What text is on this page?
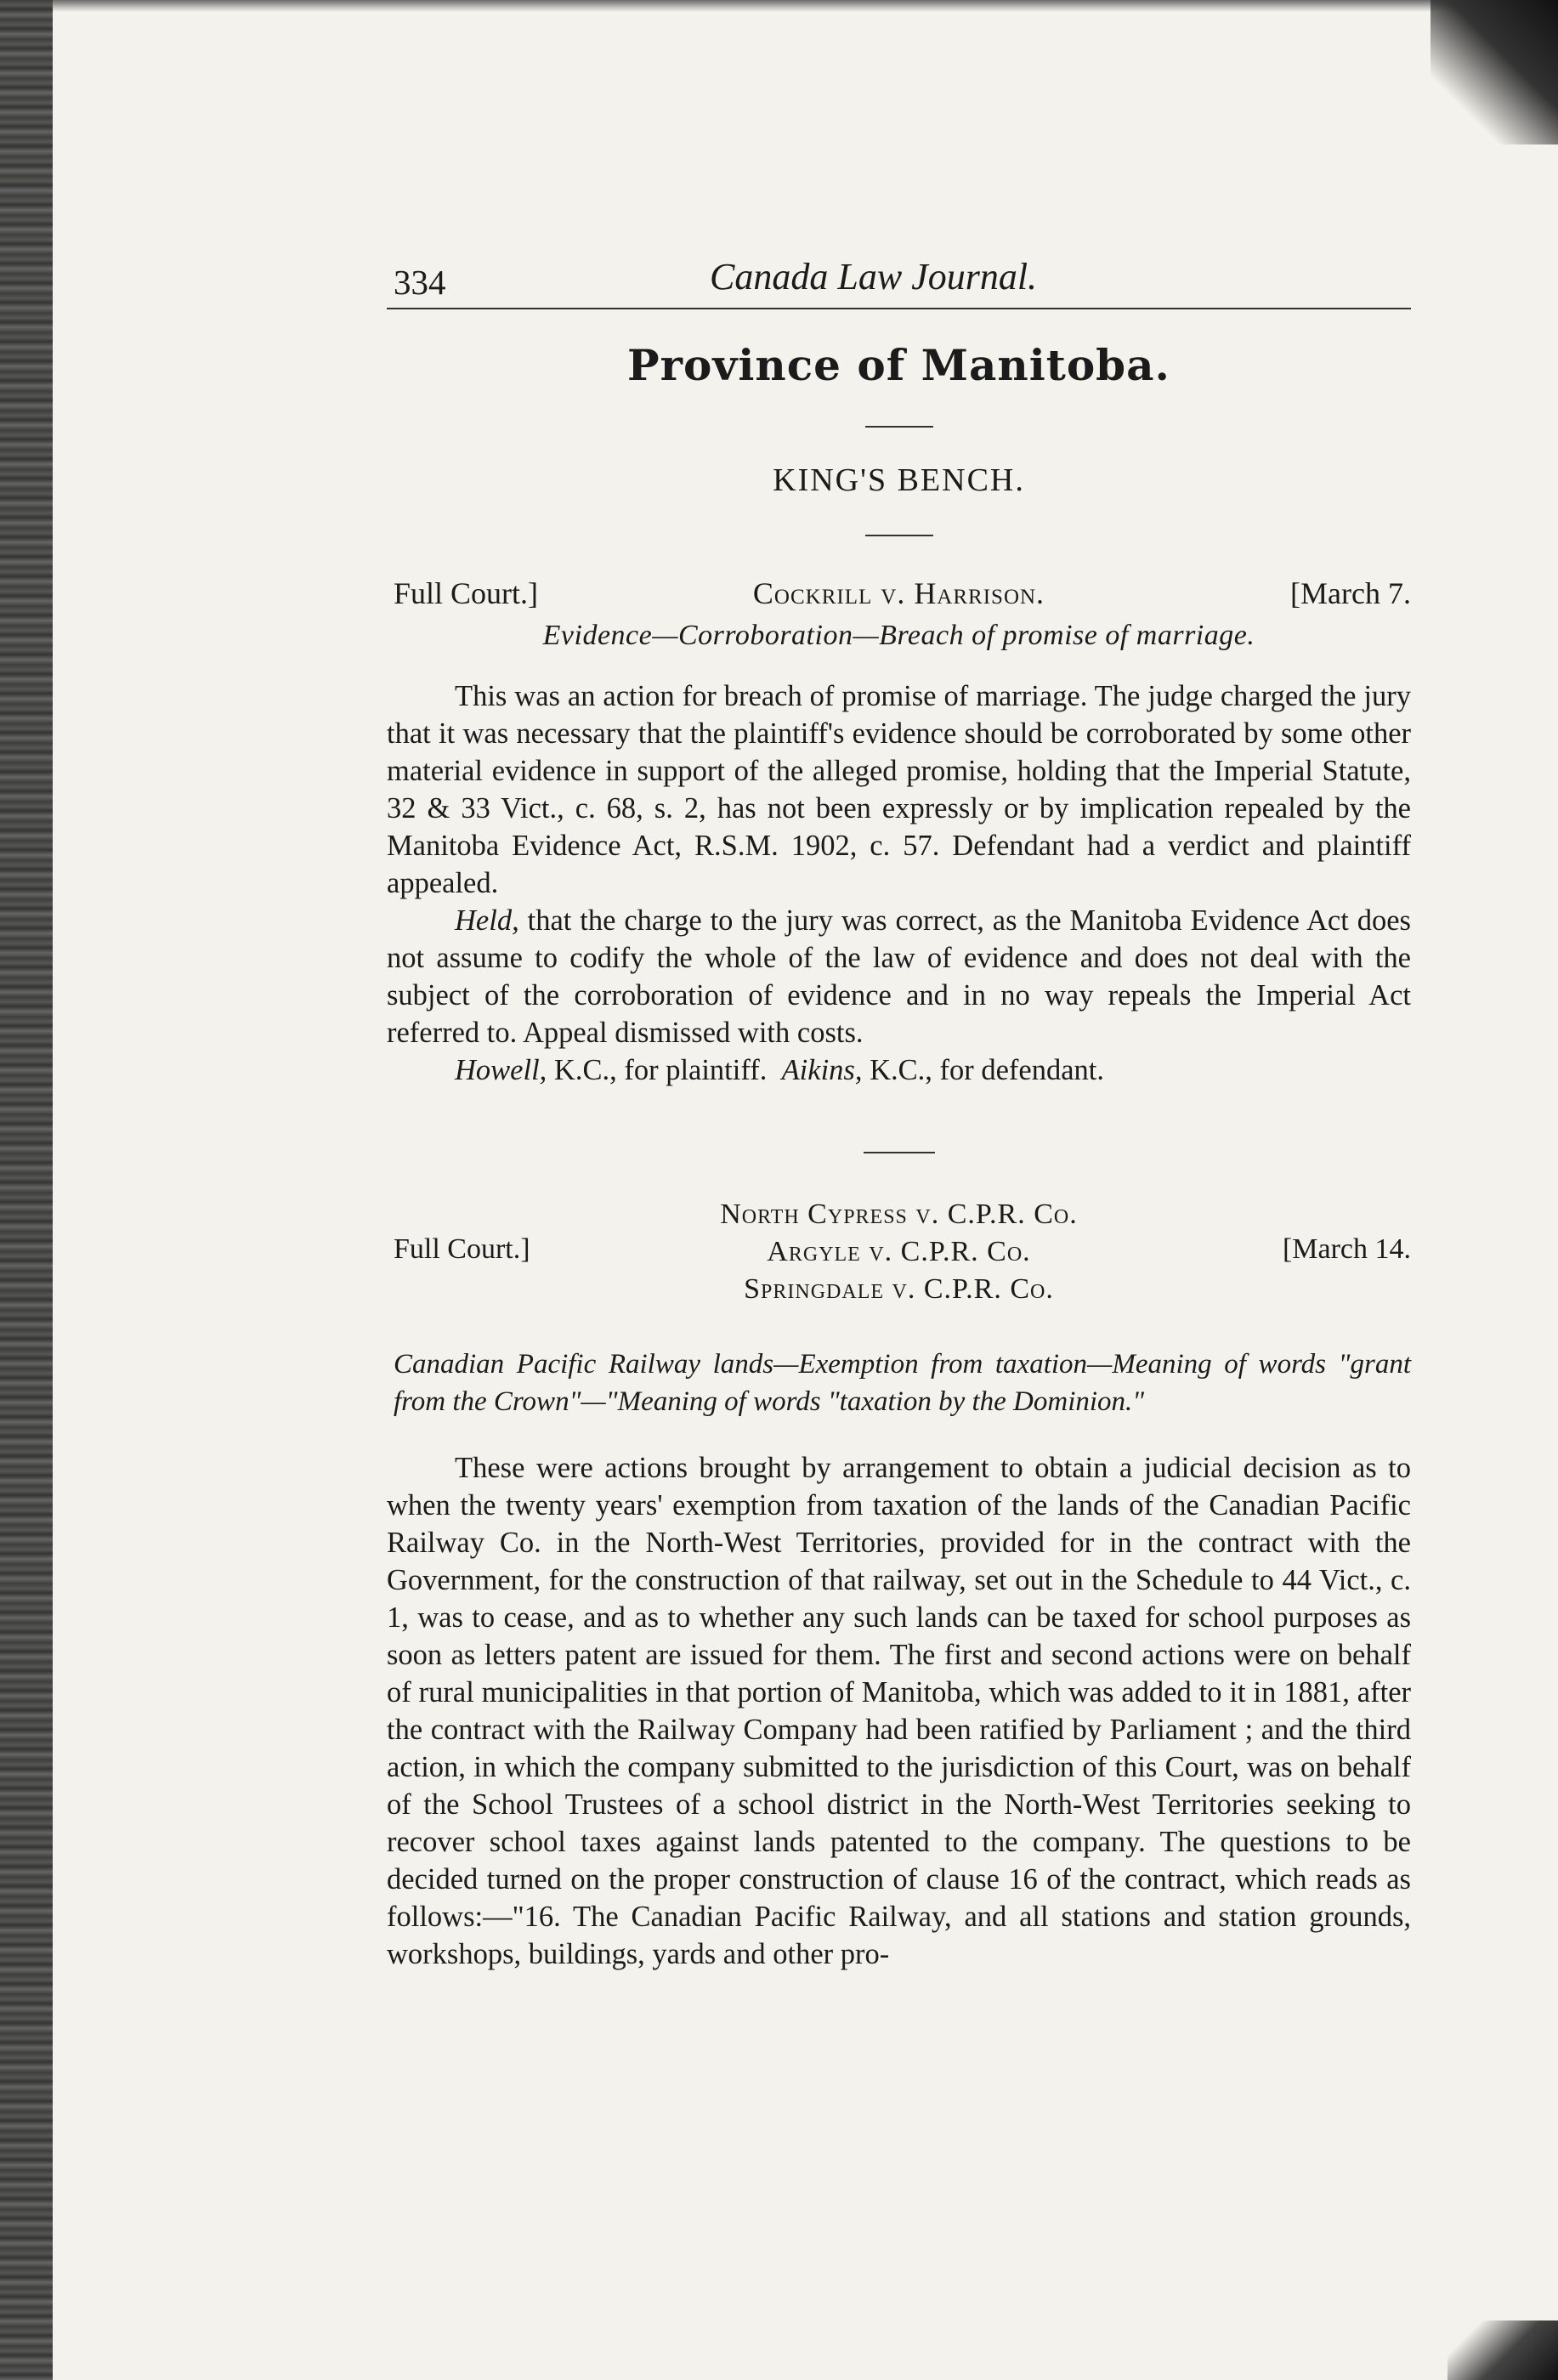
334	Canada Law Journal.
Province of Manitoba.
KING'S BENCH.
Full Court.]	Cockrill v. Harrison.	[March 7.
Evidence—Corroboration—Breach of promise of marriage.

This was an action for breach of promise of marriage. The judge charged the jury that it was necessary that the plaintiff's evidence should be corroborated by some other material evidence in support of the alleged promise, holding that the Imperial Statute, 32 & 33 Vict., c. 68, s. 2, has not been expressly or by implication repealed by the Manitoba Evidence Act, R.S.M. 1902, c. 57. Defendant had a verdict and plaintiff appealed.

Held, that the charge to the jury was correct, as the Manitoba Evidence Act does not assume to codify the whole of the law of evidence and does not deal with the subject of the corroboration of evidence and in no way repeals the Imperial Act referred to. Appeal dismissed with costs.

Howell, K.C., for plaintiff. Aikins, K.C., for defendant.

North Cypress v. C.P.R. Co.
Argyle v. C.P.R. Co.
Springdale v. C.P.R. Co.
Full Court.]	[March 14.
Canadian Pacific Railway lands—Exemption from taxation—Meaning of words "grant from the Crown"—"Meaning of words "taxation by the Dominion."

These were actions brought by arrangement to obtain a judicial decision as to when the twenty years' exemption from taxation of the lands of the Canadian Pacific Railway Co. in the North-West Territories, provided for in the contract with the Government, for the construction of that railway, set out in the Schedule to 44 Vict., c. 1, was to cease, and as to whether any such lands can be taxed for school purposes as soon as letters patent are issued for them. The first and second actions were on behalf of rural municipalities in that portion of Manitoba, which was added to it in 1881, after the contract with the Railway Company had been ratified by Parliament ; and the third action, in which the company submitted to the jurisdiction of this Court, was on behalf of the School Trustees of a school district in the North-West Territories seeking to recover school taxes against lands patented to the company. The questions to be decided turned on the proper construction of clause 16 of the contract, which reads as follows:—"16. The Canadian Pacific Railway, and all stations and station grounds, workshops, buildings, yards and other pro-
